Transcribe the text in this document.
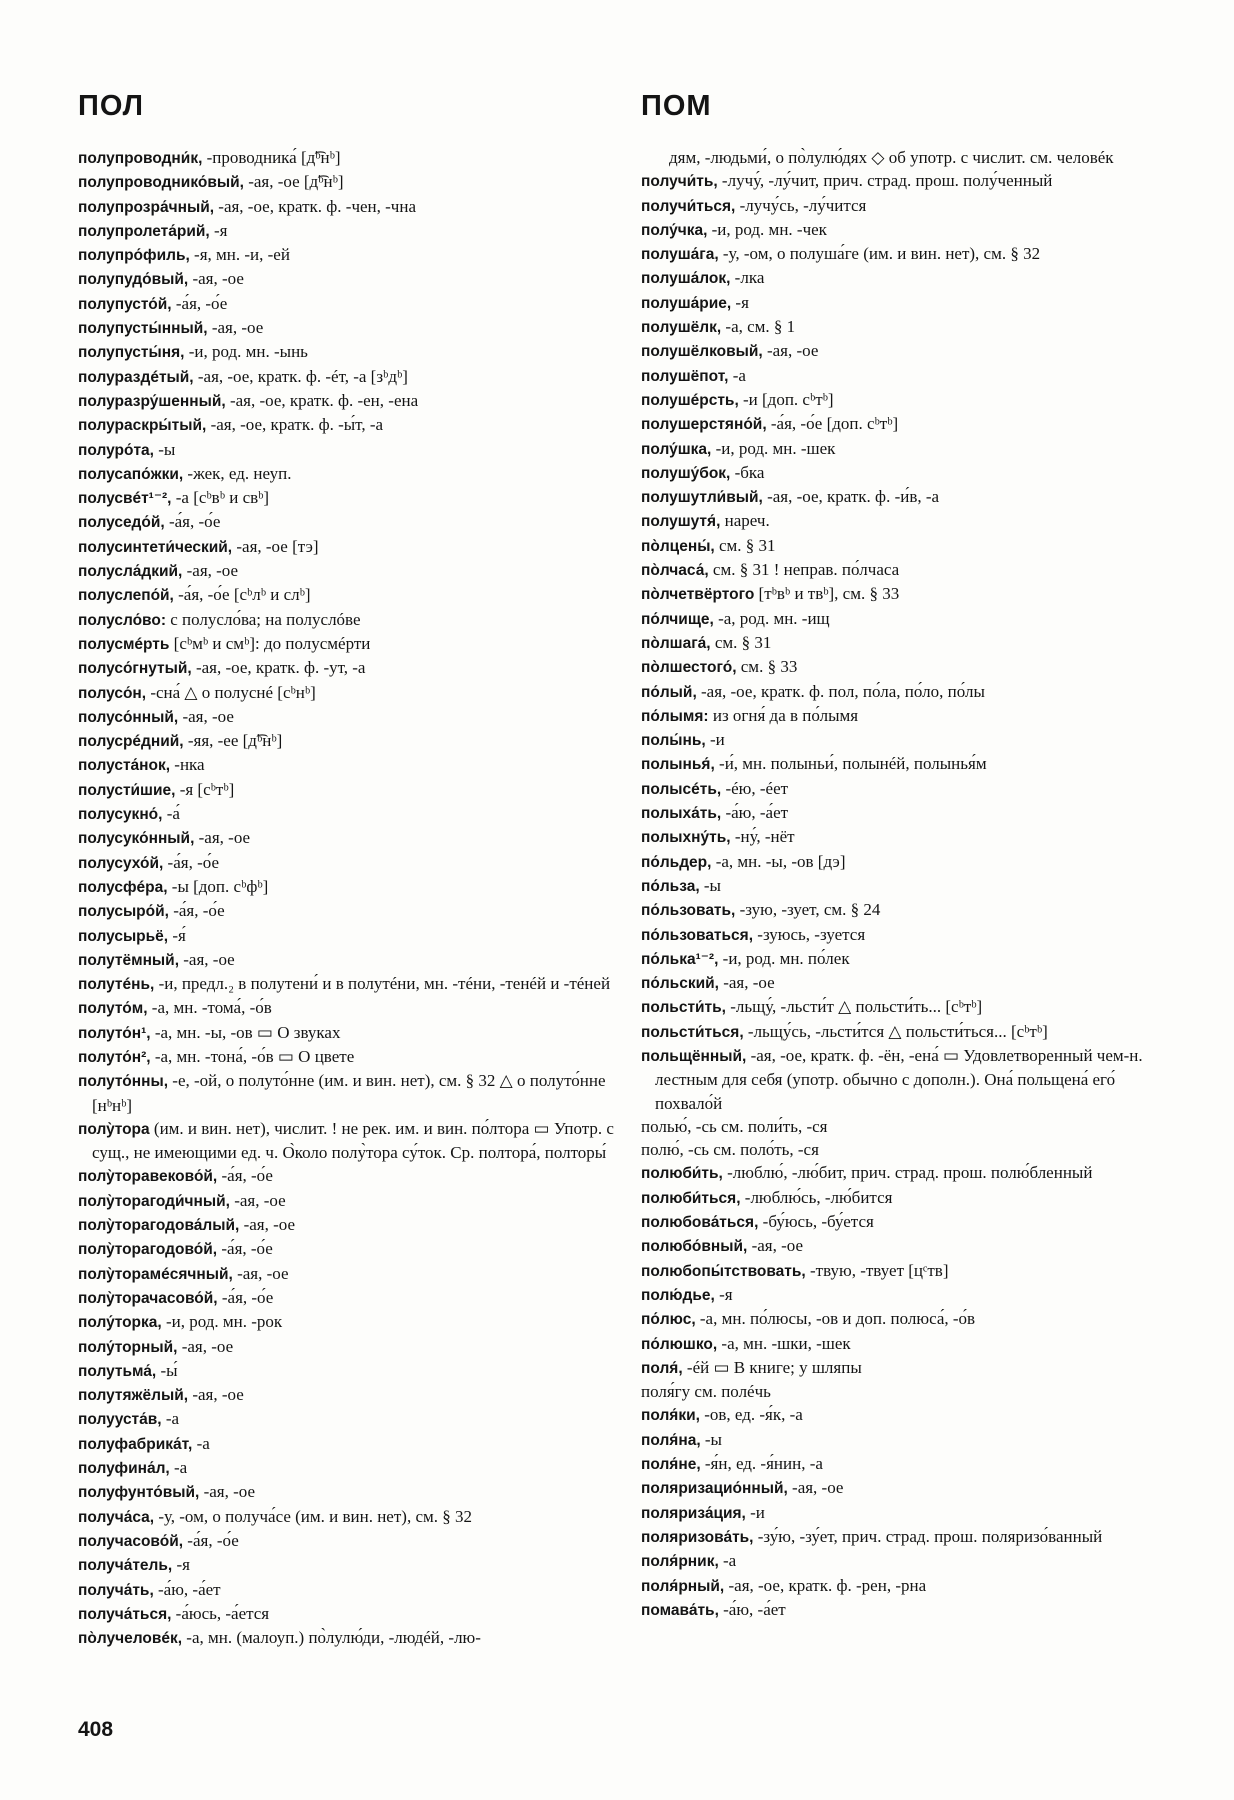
ПОЛ	ПОМ
полупроводни́к, -проводника́ [д͡ᵇнᵇ]
полупроводнико́вый, -ая, -ое [д͡ᵇнᵇ]
полупрозра́чный, -ая, -ое, кратк. ф. -чен, -чна
полупролета́рий, -я
полупро́филь, -я, мн. -и, -ей
полупудо́вый, -ая, -ое
полупусто́й, -а́я, -о́е
полупусты́нный, -ая, -ое
полупусты́ня, -и, род. мн. -ынь
полураздéтый, -ая, -ое, кратк. ф. -éт, -а [зᵇдᵇ]
полуразру́шенный, -ая, -ое, кратк. ф. -ен, -ена
полураскры́тый, -ая, -ое, кратк. ф. -ы́т, -а
полуро́та, -ы
полусапо́жки, -жек, ед. неуп.
полусвéт¹⁻², -а [сᵇвᵇ и свᵇ]
полуседо́й, -а́я, -о́е
полусинтети́ческий, -ая, -ое [тэ]
полусла́дкий, -ая, -ое
полуслепо́й, -а́я, -о́е [сᵇлᵇ и слᵇ]
полусло́во: с полусло́ва; на полуслóве
полусмéрть [сᵇмᵇ и смᵇ]: до полусмéрти
полусо́гнутый, -ая, -ое, кратк. ф. -ут, -а
полусо́н, -сна́ △ о полуснé [сᵇнᵇ]
полусо́нный, -ая, -ое
полусрéдний, -яя, -ее [д͡ᵇнᵇ]
полуста́нок, -нка
полусти́шие, -я [сᵇтᵇ]
полусукно́, -а́
полусуко́нный, -ая, -ое
полусухо́й, -а́я, -о́е
полусфéра, -ы [доп. сᵇфᵇ]
полусыро́й, -а́я, -о́е
полусырьё, -я́
полутёмный, -ая, -ое
полутéнь, -и, предл.₂ в полутени́ и в полутéни, мн. -тéни, -тенéй и -тéней
полуто́м, -а, мн. -тома́, -о́в
полуто́н¹, -а, мн. -ы, -ов ▭ О звуках
полуто́н², -а, мн. -тона́, -о́в ▭ О цвете
полуто́нны, -е, -ой, о полуто́нне (им. и вин. нет), см. § 32 △ о полуто́нне [нᵇнᵇ]
полу̀тора (им. и вин. нет), числит. ! не рек. им. и вин. по́лтора ▭ Употр. с сущ., не имеющими ед. ч. О̀коло полу̀тора су́ток. Ср. полтора́, полторы́
полу̀торавеково́й, -а́я, -о́е
полу̀торагоди́чный, -ая, -ое
полу̀торагодова́лый, -ая, -ое
полу̀торагодово́й, -а́я, -о́е
полу̀торамéсячный, -ая, -ое
полу̀торачасово́й, -а́я, -о́е
полу́торка, -и, род. мн. -рок
полу́торный, -ая, -ое
полутьма́, -ы́
полутяжёлый, -ая, -ое
полууста́в, -а
полуфабрика́т, -а
полуфина́л, -а
полуфунто́вый, -ая, -ое
получа́са, -у, -ом, о получа́се (им. и вин. нет), см. § 32
получасово́й, -а́я, -о́е
получа́тель, -я
получа́ть, -а́ю, -а́ет
получа́ться, -а́юсь, -а́ется
по̀лучеловéк, -а, мн. (малоуп.) по̀лулю́ди, -людéй, -лю-
дям, -людьми́, о по̀лулю́дях ◇ об употр. с числит. см. человéк
получи́ть, -лучу́, -лу́чит, прич. страд. прош. полу́ченный
получи́ться, -лучу́сь, -лу́чится
полу́чка, -и, род. мн. -чек
полуша́га, -у, -ом, о полуша́ге (им. и вин. нет), см. § 32
полуша́лок, -лка
полуша́рие, -я
полушёлк, -а, см. § 1
полушёлковый, -ая, -ое
полушёпот, -а
полушéрсть, -и [доп. сᵇтᵇ]
полушерстяно́й, -а́я, -о́е [доп. сᵇтᵇ]
полу́шка, -и, род. мн. -шек
полушу́бок, -бка
полушутли́вый, -ая, -ое, кратк. ф. -и́в, -а
полушутя́, нареч.
по̀лцены́, см. § 31
по̀лчаса́, см. § 31 ! неправ. по́лчаса
по̀лчетвёртого [тᵇвᵇ и твᵇ], см. § 33
по́лчище, -а, род. мн. -ищ
по̀лшага́, см. § 31
по̀лшестого́, см. § 33
по́лый, -ая, -ое, кратк. ф. пол, по́ла, по́ло, по́лы
по́лымя: из огня́ да в по́лымя
полы́нь, -и
полынья́, -и́, мн. полыньи́, полынéй, полынья́м
полысéть, -éю, -éет
полыха́ть, -а́ю, -а́ет
полыхну́ть, -ну́, -нёт
по́льдер, -а, мн. -ы, -ов [дэ]
по́льза, -ы
по́льзовать, -зую, -зует, см. § 24
по́льзоваться, -зуюсь, -зуется
по́лька¹⁻², -и, род. мн. по́лек
по́льский, -ая, -ое
польсти́ть, -льщу́, -льсти́т △ польсти́ть... [сᵇтᵇ]
польсти́ться, -льщу́сь, -льсти́тся △ польсти́ться... [сᵇтᵇ]
польщённый, -ая, -ое, кратк. ф. -ён, -ена́ ▭ Удовлетворенный чем-н. лестным для себя (употр. обычно с дополн.). Она́ польщена́ его́ похвало́й
полью́, -сь см. поли́ть, -ся
полю́, -сь см. поло́ть, -ся
полюби́ть, -люблю́, -лю́бит, прич. страд. прош. полю́бленный
полюби́ться, -люблю́сь, -лю́бится
полюбова́ться, -бу́юсь, -бу́ется
полюбо́вный, -ая, -ое
полюбопы́тствовать, -твую, -твует [цᶜтв]
полю́дье, -я
по́люс, -а, мн. по́люсы, -ов и доп. полюса́, -о́в
по́люшко, -а, мн. -шки, -шек
поля́, -éй ▭ В книге; у шляпы
поля́гу см. полéчь
поля́ки, -ов, ед. -я́к, -а
поля́на, -ы
поля́не, -я́н, ед. -я́нин, -а
поляризацио́нный, -ая, -ое
поляриза́ция, -и
поляризова́ть, -зу́ю, -зу́ет, прич. страд. прош. поляризо́ванный
поля́рник, -а
поля́рный, -ая, -ое, кратк. ф. -рен, -рна
помава́ть, -а́ю, -а́ет
408
